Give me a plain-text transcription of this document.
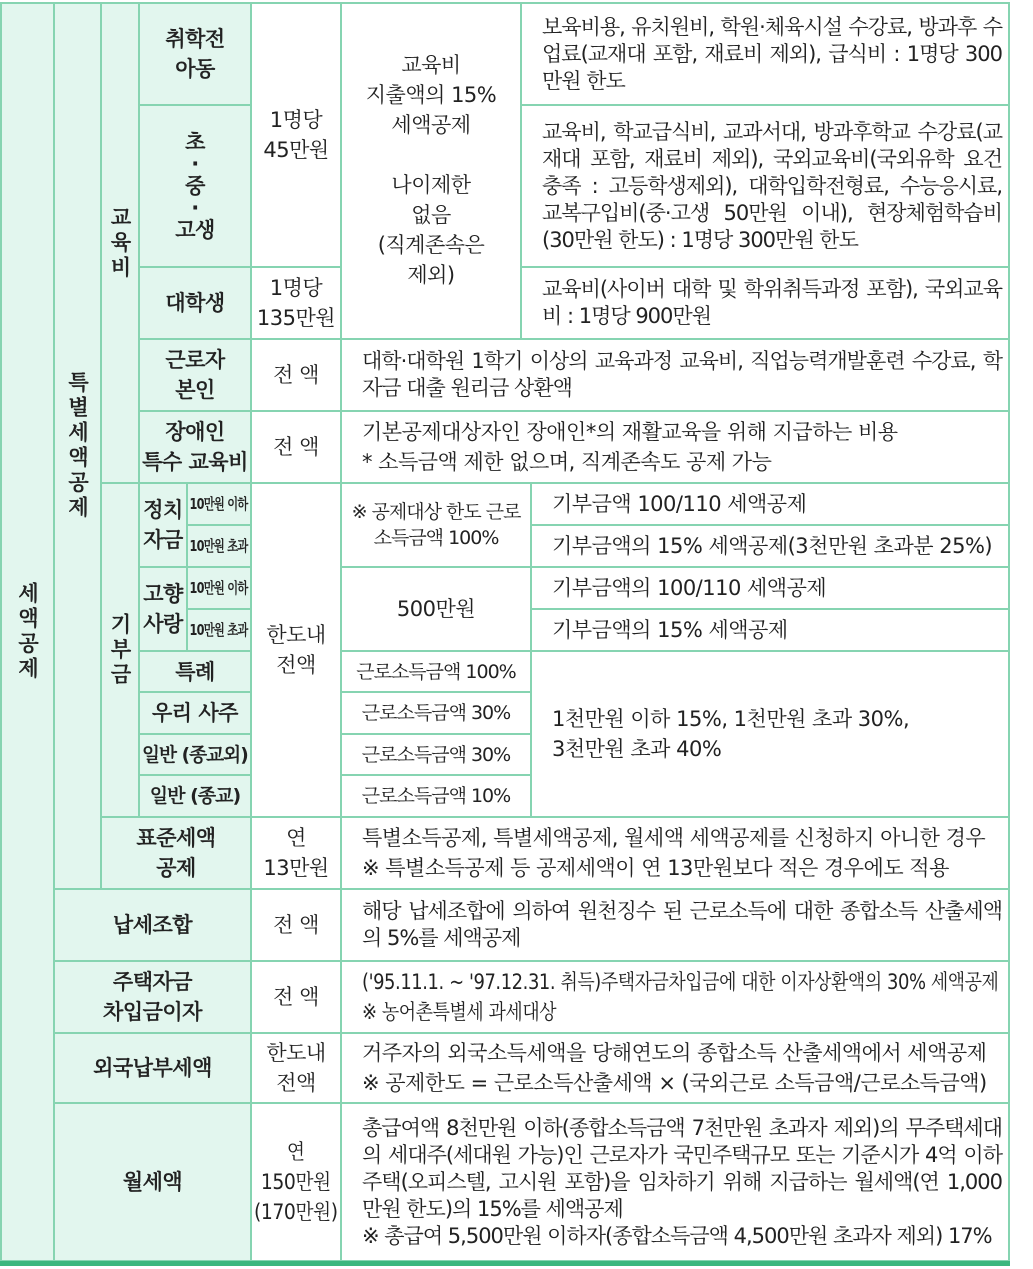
세액공제
특별세액공제
교육비
취학전
아동
초
·
중
·
고생
대학생
근로자
본인
장애인
특수 교육비
1명당
45만원
1명당
135만원
교육비
지출액의 15%
세액공제

나이제한
없음
(직계존속은
제외)
보육비용, 유치원비, 학원·체육시설 수강료, 방과후 수업료(교재대 포함, 재료비 제외), 급식비 : 1명당 300만원 한도
교육비, 학교급식비, 교과서대, 방과후학교 수강료(교재대 포함, 재료비 제외), 국외교육비(국외유학 요건 충족 : 고등학생제외), 대학입학전형료, 수능응시료, 교복구입비(중·고생 50만원 이내), 현장체험학습비(30만원 한도) : 1명당 300만원 한도
교육비(사이버 대학 및 학위취득과정 포함), 국외교육비 : 1명당 900만원
전 액
대학·대학원 1학기 이상의 교육과정 교육비, 직업능력개발훈련 수강료, 학자금 대출 원리금 상환액
전 액
기본공제대상자인 장애인*의 재활교육을 위해 지급하는 비용
* 소득금액 제한 없으며, 직계존속도 공제 가능
기부금
정치
자금
10만원 이하
10만원 초과
고향
사랑
10만원 이하
10만원 초과
특례
우리 사주
일반 (종교외)
일반 (종교)
한도내
전액
※ 공제대상 한도 근로소득금액 100%
기부금액 100/110 세액공제
기부금액의 15% 세액공제(3천만원 초과분 25%)
500만원
기부금액의 100/110 세액공제
기부금액의 15% 세액공제
근로소득금액 100%
근로소득금액 30%
근로소득금액 30%
근로소득금액 10%
1천만원 이하 15%, 1천만원 초과 30%,
3천만원 초과 40%
표준세액
공제
연
13만원
특별소득공제, 특별세액공제, 월세액 세액공제를 신청하지 아니한 경우
※ 특별소득공제 등 공제세액이 연 13만원보다 적은 경우에도 적용
납세조합	전 액
해당 납세조합에 의하여 원천징수 된 근로소득에 대한 종합소득 산출세액의 5%를 세액공제
주택자금
차입금이자
전 액
('95.11.1. ~ '97.12.31. 취득)주택자금차입금에 대한 이자상환액의 30% 세액공제
※ 농어촌특별세 과세대상
외국납부세액
한도내
전액
거주자의 외국소득세액을 당해연도의 종합소득 산출세액에서 세액공제
※ 공제한도 = 근로소득산출세액 × (국외근로 소득금액/근로소득금액)
월세액
연
150만원
(170만원)
총급여액 8천만원 이하(종합소득금액 7천만원 초과자 제외)의 무주택세대의 세대주(세대원 가능)인 근로자가 국민주택규모 또는 기준시가 4억 이하 주택(오피스텔, 고시원 포함)을 임차하기 위해 지급하는 월세액(연 1,000만원 한도)의 15%를 세액공제
※ 총급여 5,500만원 이하자(종합소득금액 4,500만원 초과자 제외) 17%
